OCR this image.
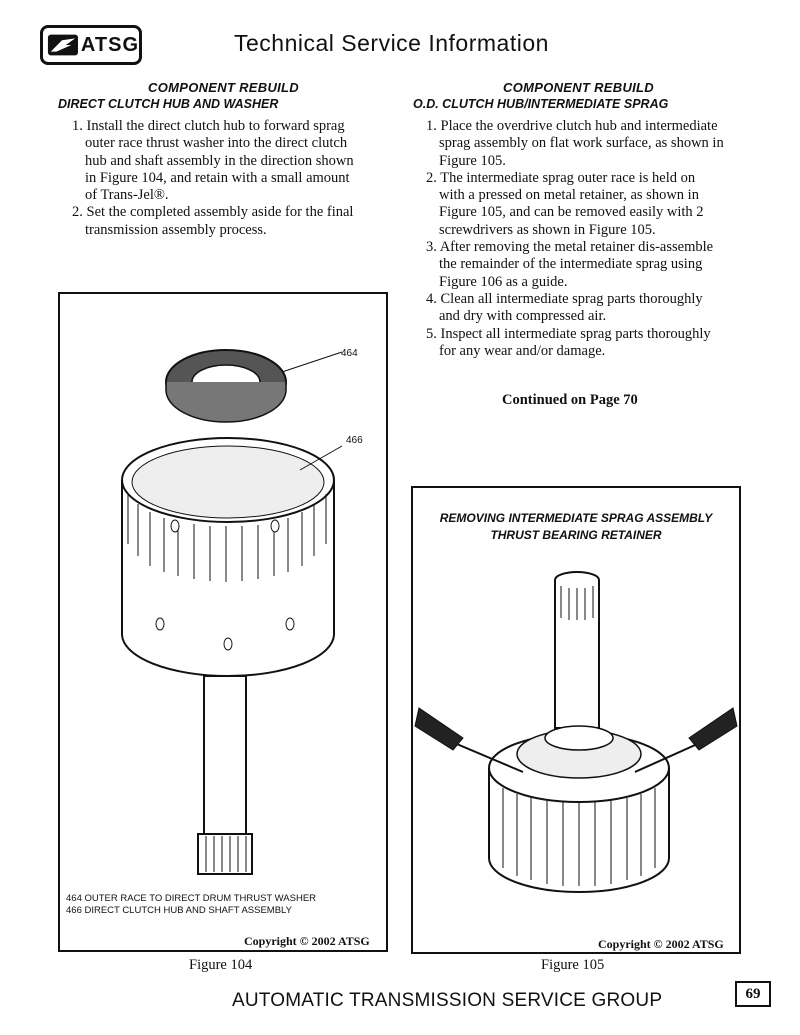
ATSG	Technical Service Information
COMPONENT REBUILD
DIRECT CLUTCH HUB AND WASHER
1. Install the direct clutch hub to forward sprag outer race thrust washer into the direct clutch hub and shaft assembly in the direction shown in Figure 104, and retain with a small amount of Trans-Jel®.
2. Set the completed assembly aside for the final transmission assembly process.
COMPONENT REBUILD
O.D. CLUTCH HUB/INTERMEDIATE SPRAG
1. Place the overdrive clutch hub and intermediate sprag assembly on flat work surface, as shown in Figure 105.
2. The intermediate sprag outer race is held on with a pressed on metal retainer, as shown in Figure 105, and can be removed easily with 2 screwdrivers as shown in Figure 105.
3. After removing the metal retainer dis-assemble the remainder of the intermediate sprag using Figure 106 as a guide.
4. Clean all intermediate sprag parts thoroughly and dry with compressed air.
5. Inspect all intermediate sprag parts thoroughly for any wear and/or damage.
Continued on Page 70
464
466
464 OUTER RACE TO DIRECT DRUM THRUST WASHER
466 DIRECT CLUTCH HUB AND SHAFT ASSEMBLY
Copyright © 2002 ATSG
Figure 104
REMOVING INTERMEDIATE SPRAG ASSEMBLY
THRUST BEARING RETAINER
Copyright © 2002 ATSG
Figure 105
AUTOMATIC TRANSMISSION SERVICE GROUP	69
